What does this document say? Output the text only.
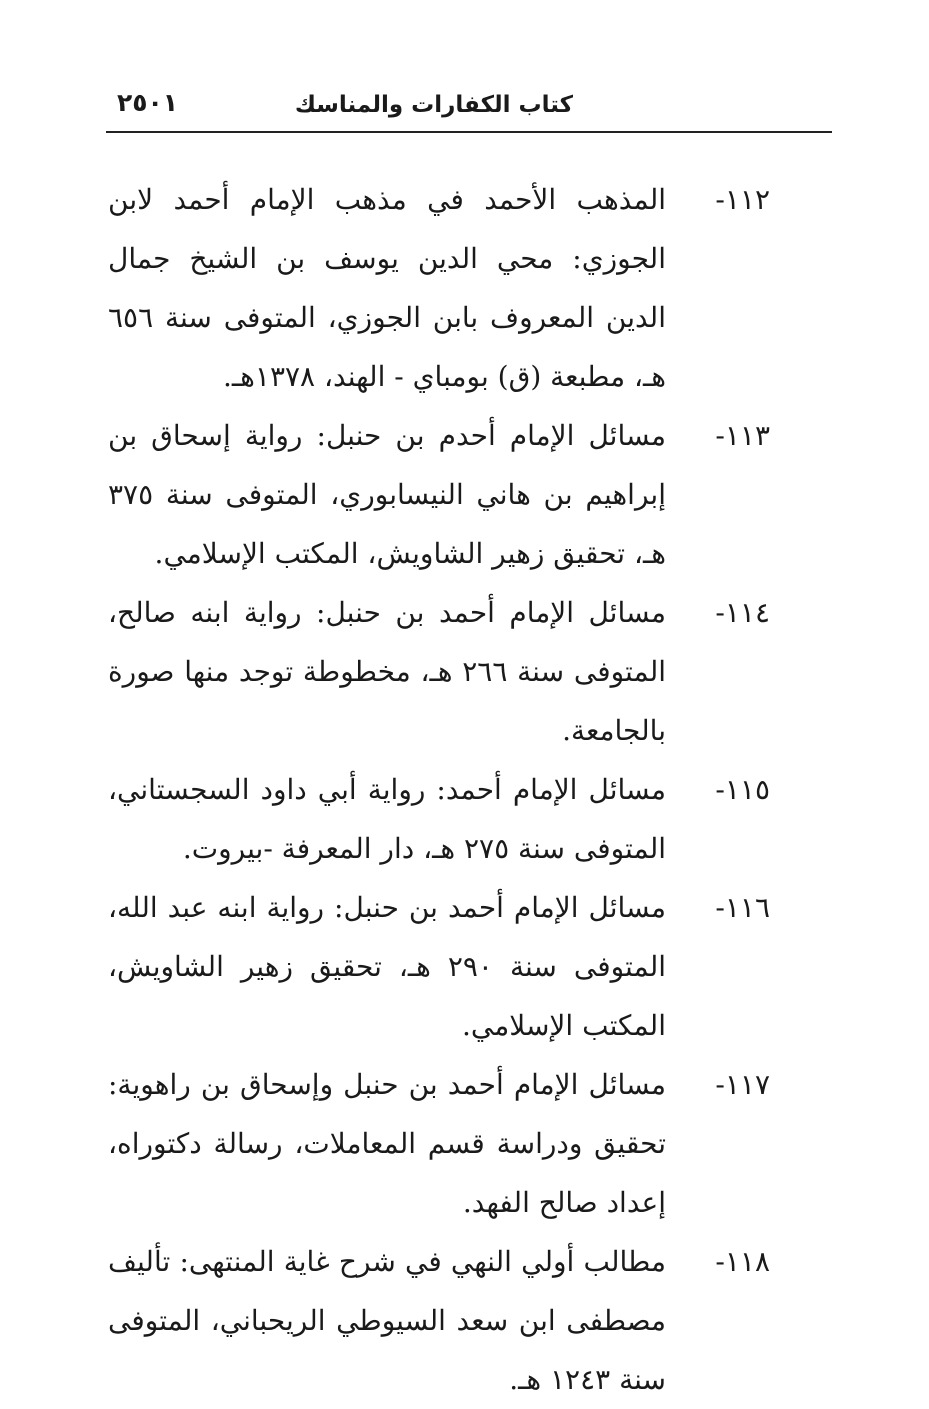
كتاب الكفارات والمناسك
٢٥٠١
١١٢-
المذهب الأحمد في مذهب الإمام أحمد لابن الجوزي: محي الدين يوسف بن الشيخ جمال الدين المعروف بابن الجوزي، المتوفى سنة ٦٥٦ هـ، مطبعة (ق) بومباي - الهند، ١٣٧٨هـ.
١١٣-
مسائل الإمام أحدم بن حنبل: رواية إسحاق بن إبراهيم بن هاني النيسابوري، المتوفى سنة ٣٧٥ هـ، تحقيق زهير الشاويش، المكتب الإسلامي.
١١٤-
مسائل الإمام أحمد بن حنبل: رواية ابنه صالح، المتوفى سنة ٢٦٦ هـ، مخطوطة توجد منها صورة بالجامعة.
١١٥-
مسائل الإمام أحمد: رواية أبي داود السجستاني، المتوفى سنة ٢٧٥ هـ، دار المعرفة -بيروت.
١١٦-
مسائل الإمام أحمد بن حنبل: رواية ابنه عبد الله، المتوفى سنة ٢٩٠ هـ، تحقيق زهير الشاويش، المكتب الإسلامي.
١١٧-
مسائل الإمام أحمد بن حنبل وإسحاق بن راهوية: تحقيق ودراسة قسم المعاملات، رسالة دكتوراه، إعداد صالح الفهد.
١١٨-
مطالب أولي النهي في شرح غاية المنتهى: تأليف مصطفى ابن سعد السيوطي الريحباني، المتوفى سنة ١٢٤٣ هـ.
